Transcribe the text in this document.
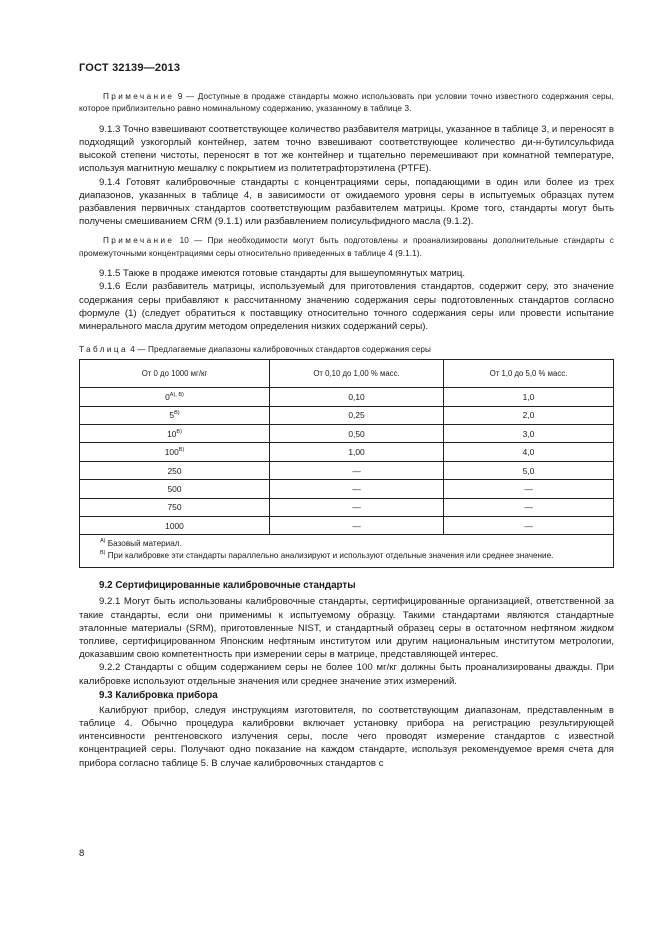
ГОСТ 32139—2013

Примечание 9 — Доступные в продаже стандарты можно использовать при условии точно известного содержания серы, которое приблизительно равно номинальному содержанию, указанному в таблице 3.

9.1.3 Точно взвешивают соответствующее количество разбавителя матрицы, указанное в таблице 3, и переносят в подходящий узкогорлый контейнер, затем точно взвешивают соответствующее количество ди-н-бутилсульфида высокой степени чистоты, переносят в тот же контейнер и тщательно перемешивают при комнатной температуре, используя магнитную мешалку с покрытием из политетрафторэтилена (PTFE).

9.1.4 Готовят калибровочные стандарты с концентрациями серы, попадающими в один или более из трех диапазонов, указанных в таблице 4, в зависимости от ожидаемого уровня серы в испытуемых образцах путем разбавления первичных стандартов соответствующим разбавителем матрицы. Кроме того, стандарты могут быть получены смешиванием CRM (9.1.1) или разбавлением полисульфидного масла (9.1.2).

Примечание 10 — При необходимости могут быть подготовлены и проанализированы дополнительные стандарты с промежуточными концентрациями серы относительно приведенных в таблице 4 (9.1.1).

9.1.5 Также в продаже имеются готовые стандарты для вышеупомянутых матриц.

9.1.6 Если разбавитель матрицы, используемый для приготовления стандартов, содержит серу, это значение содержания серы прибавляют к рассчитанному значению содержания серы подготовленных стандартов согласно формуле (1) (следует обратиться к поставщику относительно точного содержания серы или провести испытание минерального масла другим методом определения низких содержаний серы).

Таблица 4 — Предлагаемые диапазоны калибровочных стандартов содержания серы
От 0 до 1000 мг/кг	От 0,10 до 1,00 % масс.	От 1,0 до 5,0 % масс.
$0^{А), В)}$	0,10	1,0
$5^{В)}$	0,25	2,0
$10^{В)}$	0,50	3,0
$100^{В)}$	1,00	4,0
250	—	5,0
500	—	—
750	—	—
1000	—	—

$^{А)}$ Базовый материал.
$^{В)}$ При калибровке эти стандарты параллельно анализируют и используют отдельные значения или среднее значение.		
9.2 Сертифицированные калибровочные стандарты

9.2.1 Могут быть использованы калибровочные стандарты, сертифицированные организацией, ответственной за такие стандарты, если они применимы к испытуемому образцу. Такими стандартами являются стандартные эталонные материалы (SRM), приготовленные NIST, и стандартный образец серы в остаточном нефтяном жидком топливе, сертифицированном Японским нефтяным институтом или другим национальным институтом метрологии, доказавшим свою компетентность при измерении серы в матрице, представляющей интерес.

9.2.2 Стандарты с общим содержанием серы не более 100 мг/кг должны быть проанализированы дважды. При калибровке используют отдельные значения или среднее значение этих измерений.

9.3 Калибровка прибора

Калибруют прибор, следуя инструкциям изготовителя, по соответствующим диапазонам, представленным в таблице 4. Обычно процедура калибровки включает установку прибора на регистрацию результирующей интенсивности рентгеновского излучения серы, после чего проводят измерение стандартов с известной концентрацией серы. Получают одно показание на каждом стандарте, используя рекомендуемое время счета для прибора согласно таблице 5. В случае калибровочных стандартов с

8
